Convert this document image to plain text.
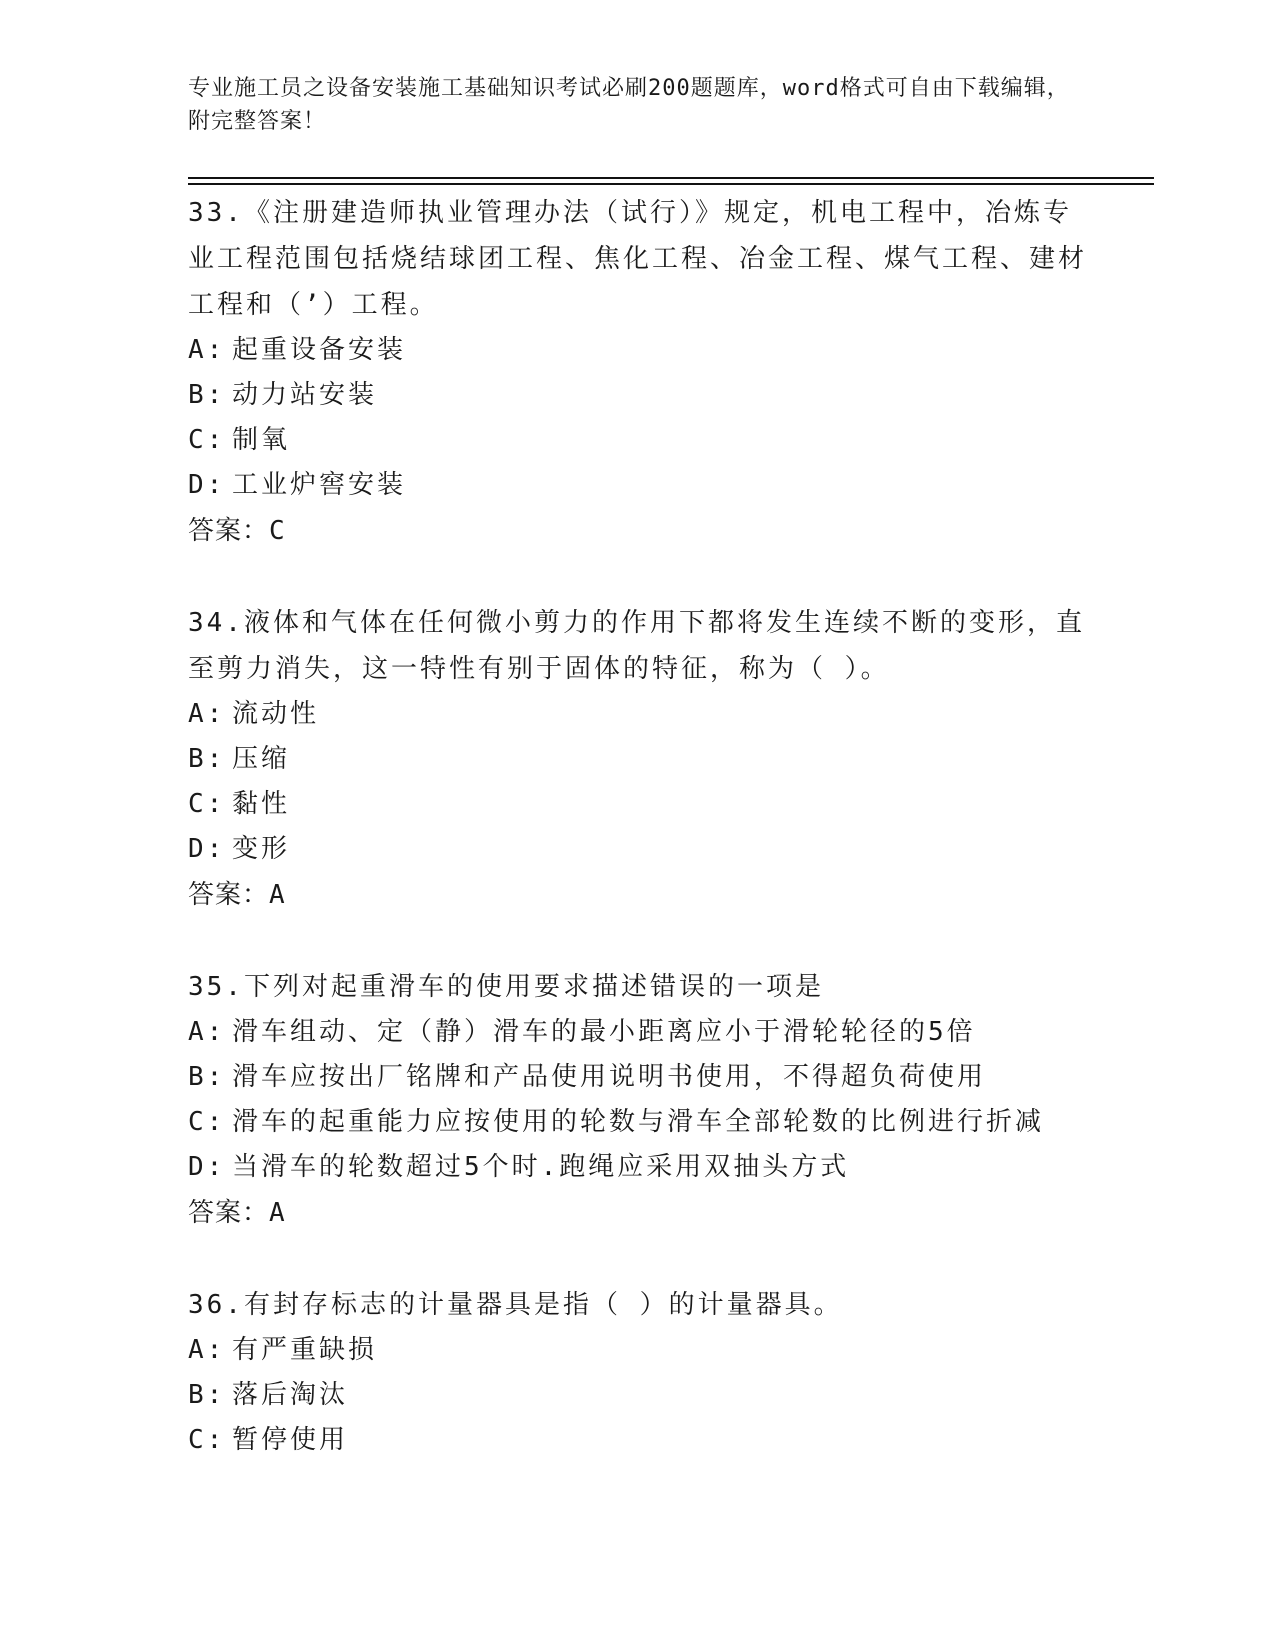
专业施工员之设备安装施工基础知识考试必刷200题题库，word格式可自由下载编辑，附完整答案！
33.《注册建造师执业管理办法（试行）》规定，机电工程中，冶炼专业工程范围包括烧结球团工程、焦化工程、冶金工程、煤气工程、建材工程和（’）工程。
A: 起重设备安装
B: 动力站安装
C: 制氧
D: 工业炉窖安装
答案：C
34.液体和气体在任何微小剪力的作用下都将发生连续不断的变形，直至剪力消失，这一特性有别于固体的特征，称为（ ）。
A: 流动性
B: 压缩
C: 黏性
D: 变形
答案：A
35.下列对起重滑车的使用要求描述错误的一项是
A: 滑车组动、定（静）滑车的最小距离应小于滑轮轮径的5倍
B: 滑车应按出厂铭牌和产品使用说明书使用，不得超负荷使用
C: 滑车的起重能力应按使用的轮数与滑车全部轮数的比例进行折减
D: 当滑车的轮数超过5个时.跑绳应采用双抽头方式
答案：A
36.有封存标志的计量器具是指（ ）的计量器具。
A: 有严重缺损
B: 落后淘汰
C: 暂停使用
